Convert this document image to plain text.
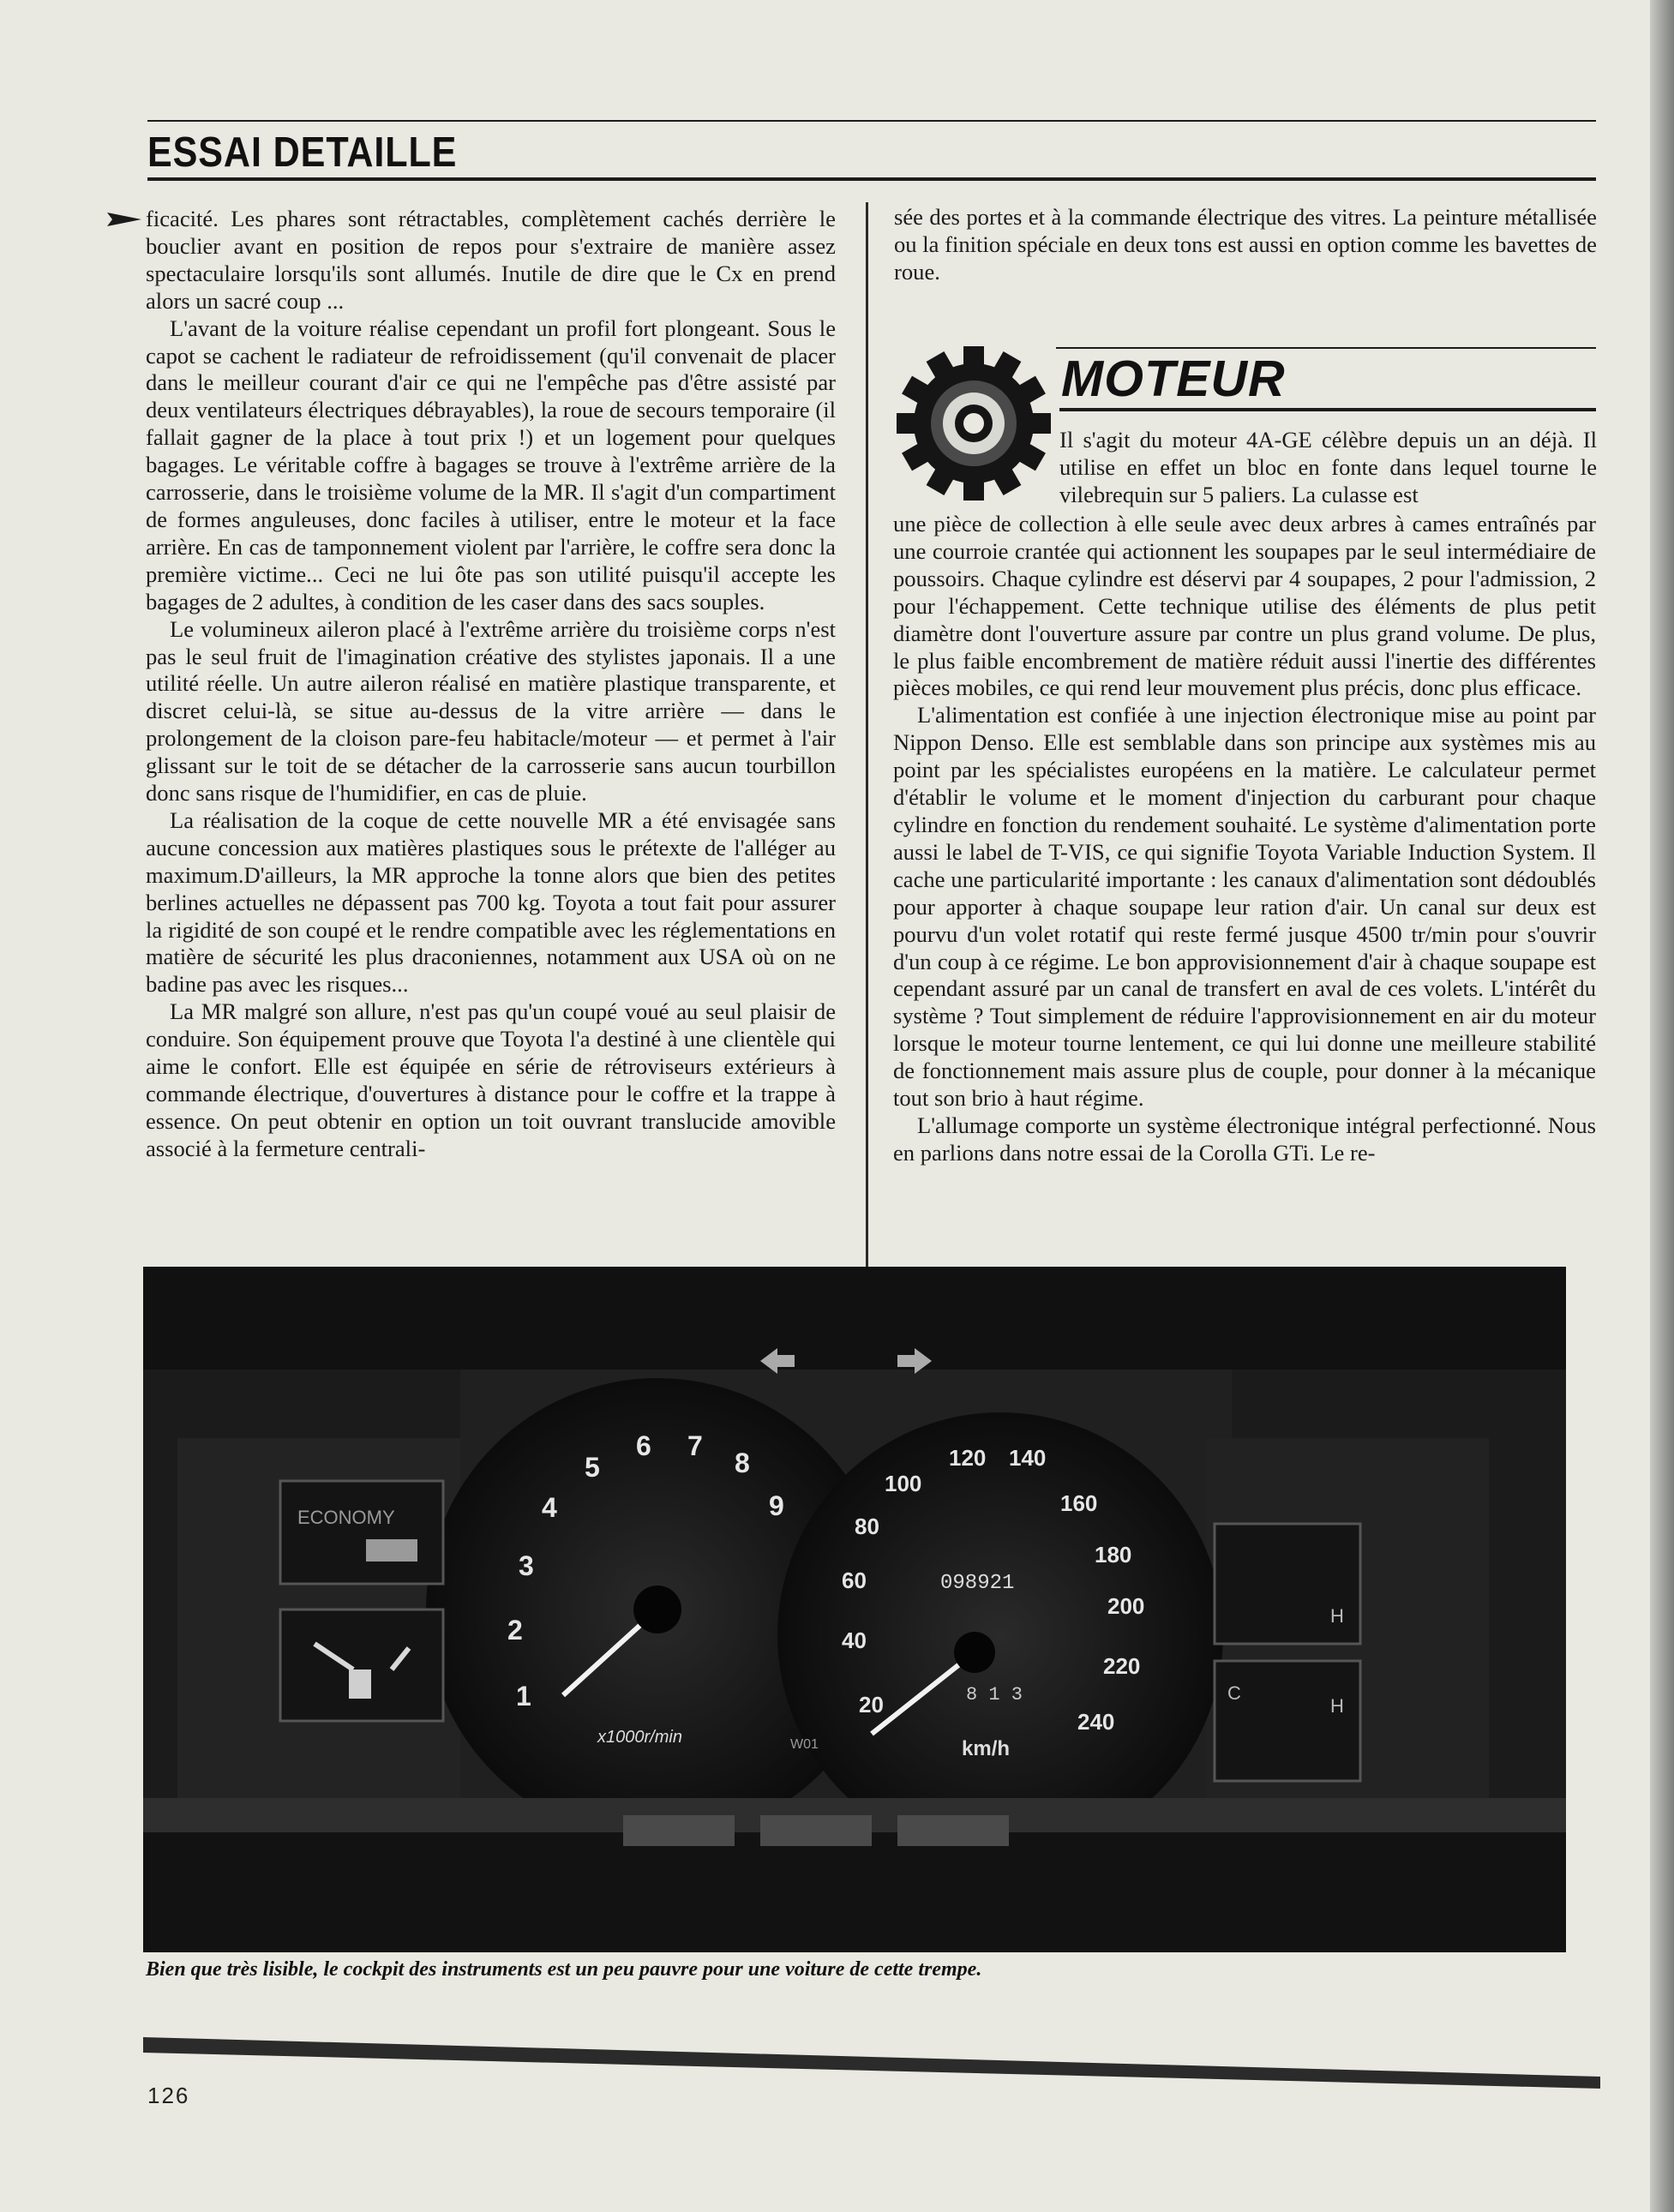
ESSAI DETAILLE

ficacité. Les phares sont rétractables, complètement cachés derrière le bouclier avant en position de repos pour s'extraire de manière assez spectaculaire lorsqu'ils sont allumés. Inutile de dire que le Cx en prend alors un sacré coup ...

L'avant de la voiture réalise cependant un profil fort plongeant. Sous le capot se cachent le radiateur de refroidissement (qu'il convenait de placer dans le meilleur courant d'air ce qui ne l'empêche pas d'être assisté par deux ventilateurs électriques débrayables), la roue de secours temporaire (il fallait gagner de la place à tout prix !) et un logement pour quelques bagages. Le véritable coffre à bagages se trouve à l'extrême arrière de la carrosserie, dans le troisième volume de la MR. Il s'agit d'un compartiment de formes anguleuses, donc faciles à utiliser, entre le moteur et la face arrière. En cas de tamponnement violent par l'arrière, le coffre sera donc la première victime... Ceci ne lui ôte pas son utilité puisqu'il accepte les bagages de 2 adultes, à condition de les caser dans des sacs souples.

Le volumineux aileron placé à l'extrême arrière du troisième corps n'est pas le seul fruit de l'imagination créative des stylistes japonais. Il a une utilité réelle. Un autre aileron réalisé en matière plastique transparente, et discret celui-là, se situe au-dessus de la vitre arrière — dans le prolongement de la cloison pare-feu habitacle/moteur — et permet à l'air glissant sur le toit de se détacher de la carrosserie sans aucun tourbillon donc sans risque de l'humidifier, en cas de pluie.

La réalisation de la coque de cette nouvelle MR a été envisagée sans aucune concession aux matières plastiques sous le prétexte de l'alléger au maximum.D'ailleurs, la MR approche la tonne alors que bien des petites berlines actuelles ne dépassent pas 700 kg. Toyota a tout fait pour assurer la rigidité de son coupé et le rendre compatible avec les réglementations en matière de sécurité les plus draconiennes, notamment aux USA où on ne badine pas avec les risques...

La MR malgré son allure, n'est pas qu'un coupé voué au seul plaisir de conduire. Son équipement prouve que Toyota l'a destiné à une clientèle qui aime le confort. Elle est équipée en série de rétroviseurs extérieurs à commande électrique, d'ouvertures à distance pour le coffre et la trappe à essence. On peut obtenir en option un toit ouvrant translucide amovible associé à la fermeture centrali-

sée des portes et à la commande électrique des vitres. La peinture métallisée ou la finition spéciale en deux tons est aussi en option comme les bavettes de roue.

MOTEUR
Il s'agit du moteur 4A-GE célèbre depuis un an déjà. Il utilise en effet un bloc en fonte dans lequel tourne le vilebrequin sur 5 paliers. La culasse est

une pièce de collection à elle seule avec deux arbres à cames entraînés par une courroie crantée qui actionnent les soupapes par le seul intermédiaire de poussoirs. Chaque cylindre est déservi par 4 soupapes, 2 pour l'admission, 2 pour l'échappement. Cette technique utilise des éléments de plus petit diamètre dont l'ouverture assure par contre un plus grand volume. De plus, le plus faible encombrement de matière réduit aussi l'inertie des différentes pièces mobiles, ce qui rend leur mouvement plus précis, donc plus efficace.

L'alimentation est confiée à une injection électronique mise au point par Nippon Denso. Elle est semblable dans son principe aux systèmes mis au point par les spécialistes européens en la matière. Le calculateur permet d'établir le volume et le moment d'injection du carburant pour chaque cylindre en fonction du rendement souhaité. Le système d'alimentation porte aussi le label de T-VIS, ce qui signifie Toyota Variable Induction System. Il cache une particularité importante : les canaux d'alimentation sont dédoublés pour apporter à chaque soupape leur ration d'air. Un canal sur deux est pourvu d'un volet rotatif qui reste fermé jusque 4500 tr/min pour s'ouvrir d'un coup à ce régime. Le bon approvisionnement d'air à chaque soupape est cependant assuré par un canal de transfert en aval de ces volets. L'intérêt du système ? Tout simplement de réduire l'approvisionnement en air du moteur lorsque le moteur tourne lentement, ce qui lui donne une meilleure stabilité de fonctionnement mais assure plus de couple, pour donner à la mécanique tout son brio à haut régime.

L'allumage comporte un système électronique intégral perfectionné. Nous en parlions dans notre essai de la Corolla GTi. Le re-

ECONOMY
H
C
H
1
2
3
4
5
6 7
8
9
x1000r/min
20
40
60
80
100
120 140
160
180
200
220
240
098921
8 1 3
km/h
W01
Bien que très lisible, le cockpit des instruments est un peu pauvre pour une voiture de cette trempe.
126
